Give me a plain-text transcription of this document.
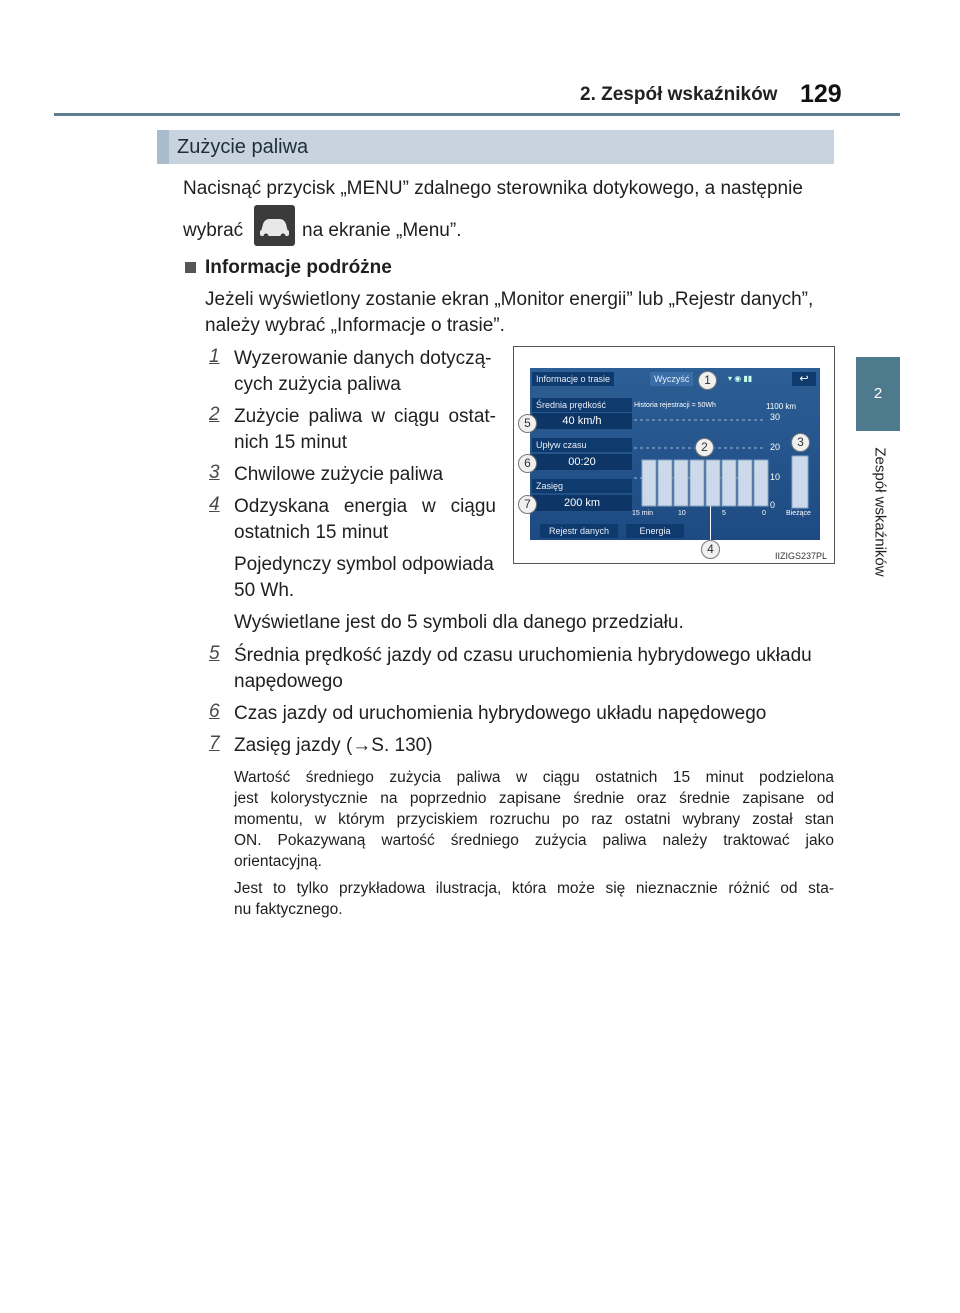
2. Zespół wskaźników 129
2
Zespół wskaźników
Zużycie paliwa
Nacisnąć przycisk „MENU” zdalnego sterownika dotykowego, a następnie
wybrać	na ekranie „Menu”.
Informacje podróżne
Jeżeli wyświetlony zostanie ekran „Monitor energii” lub „Rejestr danych”,
należy wybrać „Informacje o trasie”.
1 Wyzerowanie danych dotyczą-
cych zużycia paliwa
2 Zużycie paliwa w ciągu ostat-
nich 15 minut
3 Chwilowe zużycie paliwa
4 Odzyskana energia w ciągu
ostatnich 15 minut
Pojedynczy symbol odpowiada
50 Wh.
Wyświetlane jest do 5 symboli dla danego przedziału.
5 Średnia prędkość jazdy od czasu uruchomienia hybrydowego układu
napędowego
6 Czas jazdy od uruchomienia hybrydowego układu napędowego
7 Zasięg jazdy (→S. 130)
Wartość średniego zużycia paliwa w ciągu ostatnich 15 minut podzielona
jest kolorystycznie na poprzednio zapisane średnie oraz średnie zapisane od
momentu, w którym przyciskiem rozruchu po raz ostatni wybrany został stan
ON. Pokazywaną wartość średniego zużycia paliwa należy traktować jako
orientacyjną.
Jest to tylko przykładowa ilustracja, która może się nieznacznie różnić od sta-
nu faktycznego.
Informacje o trasie	Wyczyść	↩
▾ ◉ ▮▮
Średnia prędkość
40 km/h
Upływ czasu
00:20
Zasięg
200 km
Historia rejestracji = 50Wh	1100 km
30
20
10
0
15 min	10	5	0	Bieżące
Rejestr danych	Energia
1
2	3
4
5
6
7
IIZIGS237PL
